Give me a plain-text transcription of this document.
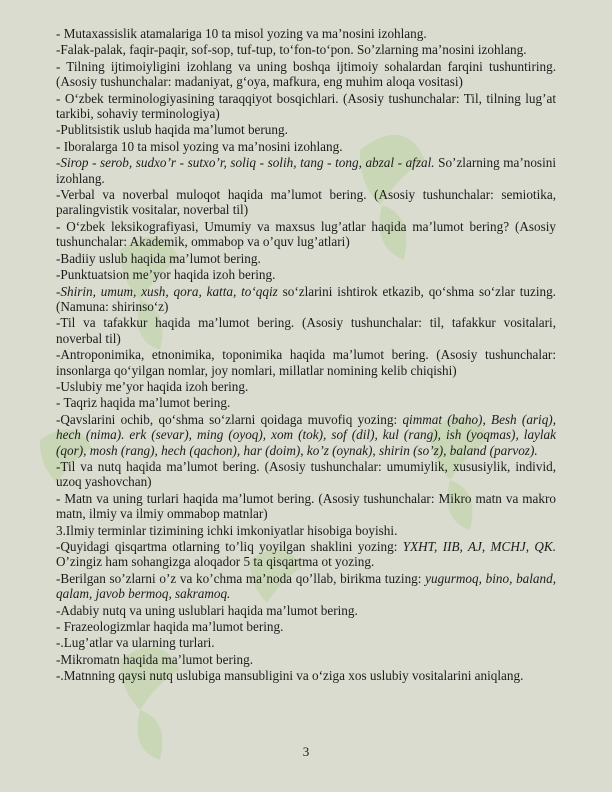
- Mutaxassislik atamalariga 10 ta misol yozing va ma’nosini izohlang.
-Falak-palak, faqir-paqir, sof-sop, tuf-tup, to‘fon-to‘pon. So’zlarning ma’nosini izohlang.
- Tilning ijtimoiyligini izohlang va uning boshqa ijtimoiy sohalardan farqini tushuntiring. (Asosiy tushunchalar: madaniyat, g‘oya, mafkura, eng muhim aloqa vositasi)
- O‘zbek terminologiyasining taraqqiyot bosqichlari. (Asosiy tushunchalar: Til, tilning lug’at tarkibi, sohaviy terminologiya)
-Publitsistik uslub haqida ma’lumot berung.
- Iboralarga 10 ta misol yozing va ma’nosini izohlang.
-Sirop - serob, sudxo’r - sutxo’r, soliq - solih, tang - tong, abzal - afzal. So’zlarning ma’nosini izohlang.
-Verbal va noverbal muloqot haqida ma’lumot bering. (Asosiy tushunchalar: semiotika, paralingvistik vositalar, noverbal til)
- O‘zbek leksikografiyasi, Umumiy va maxsus lug’atlar haqida ma’lumot bering? (Asosiy tushunchalar: Akademik, ommabop va o’quv lug’atlari)
-Badiiy uslub haqida ma’lumot bering.
-Punktuatsion me’yor haqida izoh bering.
-Shirin, umum, xush, qora, katta, to‘qqiz so‘zlarini ishtirok etkazib, qo‘shma so‘zlar tuzing. (Namuna: shirinso‘z)
-Til va tafakkur haqida ma’lumot bering. (Asosiy tushunchalar: til, tafakkur vositalari, noverbal til)
-Antroponimika, etnonimika, toponimika haqida ma’lumot bering. (Asosiy tushunchalar: insonlarga qo‘yilgan nomlar, joy nomlari, millatlar nomining kelib chiqishi)
-Uslubiy me’yor haqida izoh bering.
- Taqriz haqida ma’lumot bering.
-Qavslarini ochib, qo‘shma so‘zlarni qoidaga muvofiq yozing: qimmat (baho), Besh (ariq), hech (nima). erk (sevar), ming (oyoq), xom (tok), sof (dil), kul (rang), ish (yoqmas), laylak (qor), mosh (rang), hech (qachon), har (doim), ko’z (oynak), shirin (so’z), baland (parvoz).
-Til va nutq haqida ma’lumot bering. (Asosiy tushunchalar: umumiylik, xususiylik, individ, uzoq yashovchan)
- Matn va uning turlari haqida ma’lumot bering. (Asosiy tushunchalar: Mikro matn va makro matn, ilmiy va ilmiy ommabop matnlar)
3.Ilmiy terminlar tizimining ichki imkoniyatlar hisobiga boyishi.
-Quyidagi qisqartma otlarning to’liq yoyilgan shaklini yozing: YXHT, IIB, AJ, MCHJ, QK. O’zingiz ham sohangizga aloqador 5 ta qisqartma ot yozing.
-Berilgan so’zlarni o’z va ko’chma ma’noda qo’llab, birikma tuzing: yugurmoq, bino, baland, qalam, javob bermoq, sakramoq.
-Adabiy nutq va uning uslublari haqida ma’lumot bering.
- Frazeologizmlar haqida ma’lumot bering.
-.Lug’atlar va ularning turlari.
-Mikromatn haqida ma’lumot bering.
-.Matnning qaysi nutq uslubiga mansubligini va o‘ziga xos uslubiy vositalarini aniqlang.
3
